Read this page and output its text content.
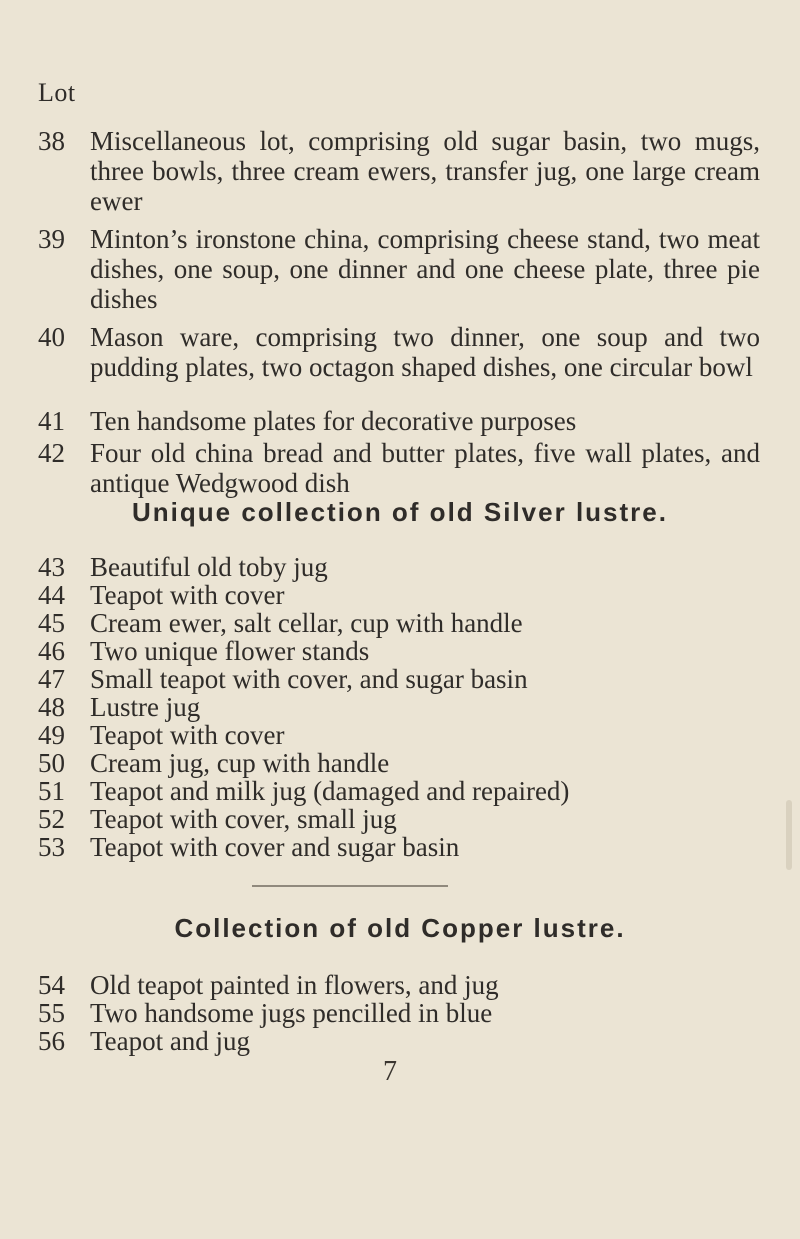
Lot
38 Miscellaneous lot, comprising old sugar basin, two mugs, three bowls, three cream ewers, transfer jug, one large cream ewer
39 Minton’s ironstone china, comprising cheese stand, two meat dishes, one soup, one dinner and one cheese plate, three pie dishes
40 Mason ware, comprising two dinner, one soup and two pudding plates, two octagon shaped dishes, one circular bowl
41 Ten handsome plates for decorative purposes
42 Four old china bread and butter plates, five wall plates, and antique Wedgwood dish
Unique collection of old Silver lustre.
43 Beautiful old toby jug
44 Teapot with cover
45 Cream ewer, salt cellar, cup with handle
46 Two unique flower stands
47 Small teapot with cover, and sugar basin
48 Lustre jug
49 Teapot with cover
50 Cream jug, cup with handle
51 Teapot and milk jug (damaged and repaired)
52 Teapot with cover, small jug
53 Teapot with cover and sugar basin
Collection of old Copper lustre.
54 Old teapot painted in flowers, and jug
55 Two handsome jugs pencilled in blue
56 Teapot and jug
7
